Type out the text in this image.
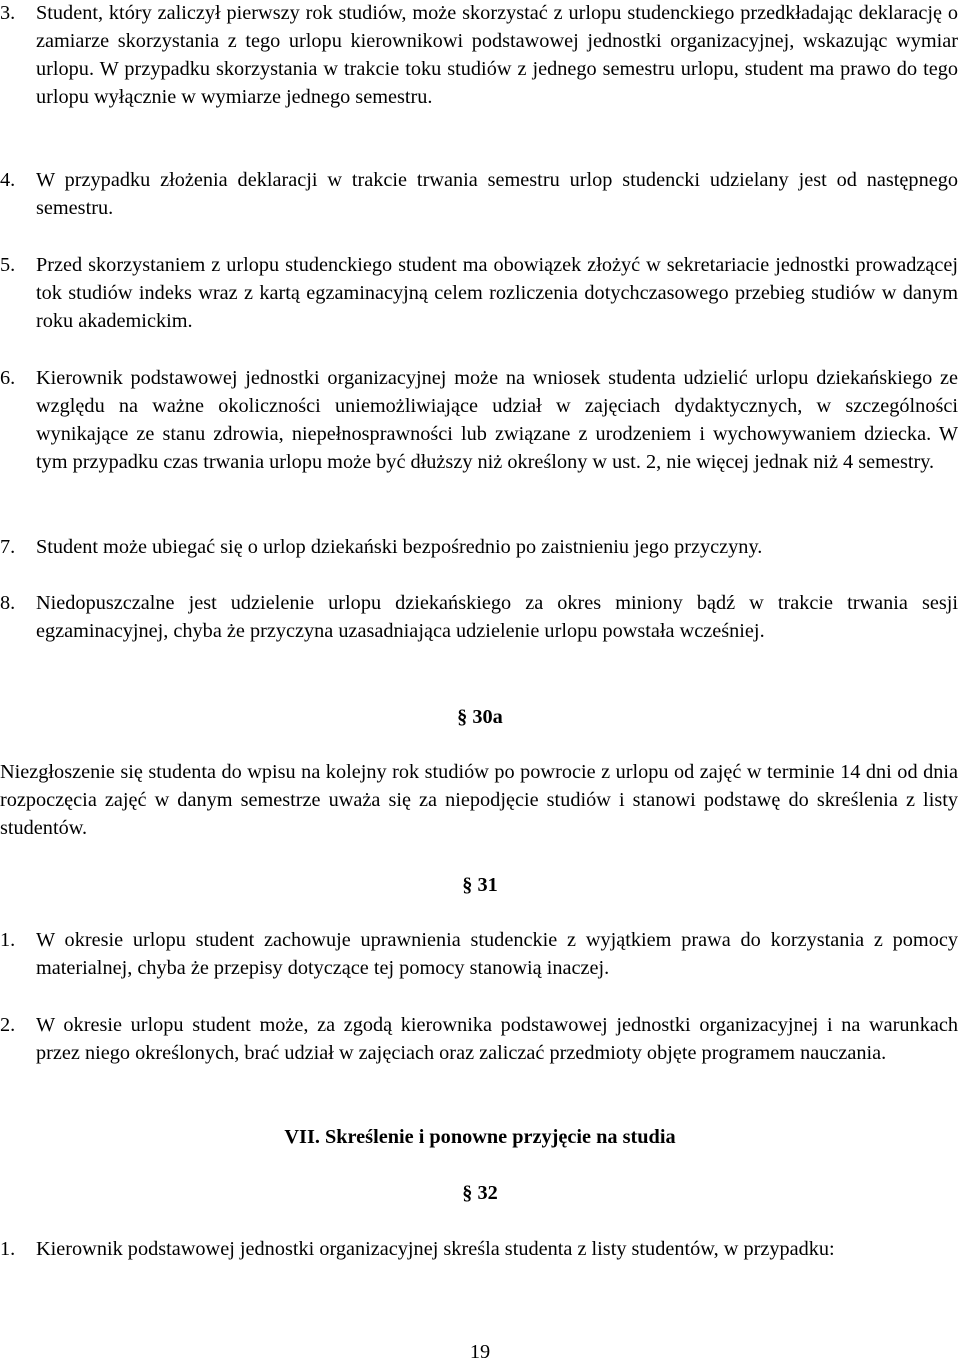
3.	Student, który zaliczył pierwszy rok studiów, może skorzystać z urlopu studenckiego przedkładając deklarację o zamiarze skorzystania z tego urlopu kierownikowi podstawowej jednostki organizacyjnej, wskazując wymiar urlopu. W przypadku skorzystania w trakcie toku studiów z jednego semestru urlopu, student ma prawo do tego urlopu wyłącznie w wymiarze jednego semestru.
4.	W przypadku złożenia deklaracji w trakcie trwania semestru urlop studencki udzielany jest od następnego semestru.
5.	Przed skorzystaniem z urlopu studenckiego student ma obowiązek złożyć w sekretariacie jednostki prowadzącej tok studiów indeks wraz z kartą egzaminacyjną celem rozliczenia dotychczasowego przebieg studiów w danym roku akademickim.
6.	Kierownik podstawowej jednostki organizacyjnej może na wniosek studenta udzielić urlopu dziekańskiego ze względu na ważne okoliczności uniemożliwiające udział w zajęciach dydaktycznych, w szczególności wynikające ze stanu zdrowia, niepełnosprawności lub związane z urodzeniem i wychowywaniem dziecka. W tym przypadku czas trwania urlopu może być dłuższy niż określony w ust. 2, nie więcej jednak niż 4 semestry.
7.	Student może ubiegać się o urlop dziekański bezpośrednio po zaistnieniu jego przyczyny.
8.	Niedopuszczalne jest udzielenie urlopu dziekańskiego za okres miniony bądź w trakcie trwania sesji egzaminacyjnej, chyba że przyczyna uzasadniająca udzielenie urlopu powstała wcześniej.
§ 30a
Niezgłoszenie się studenta do wpisu na kolejny rok studiów po powrocie z urlopu od zajęć w terminie 14 dni od dnia rozpoczęcia zajęć w danym semestrze uważa się za niepodjęcie studiów i stanowi podstawę do skreślenia z listy studentów.
§ 31
1.	W okresie urlopu student zachowuje uprawnienia studenckie z wyjątkiem prawa do korzystania z pomocy materialnej, chyba że przepisy dotyczące tej pomocy stanowią inaczej.
2.	W okresie urlopu student może, za zgodą kierownika podstawowej jednostki organizacyjnej i na warunkach przez niego określonych, brać udział w zajęciach oraz zaliczać przedmioty objęte programem nauczania.
VII. Skreślenie i ponowne przyjęcie na studia
§ 32
1.	Kierownik podstawowej jednostki organizacyjnej skreśla studenta z listy studentów, w przypadku:
19
